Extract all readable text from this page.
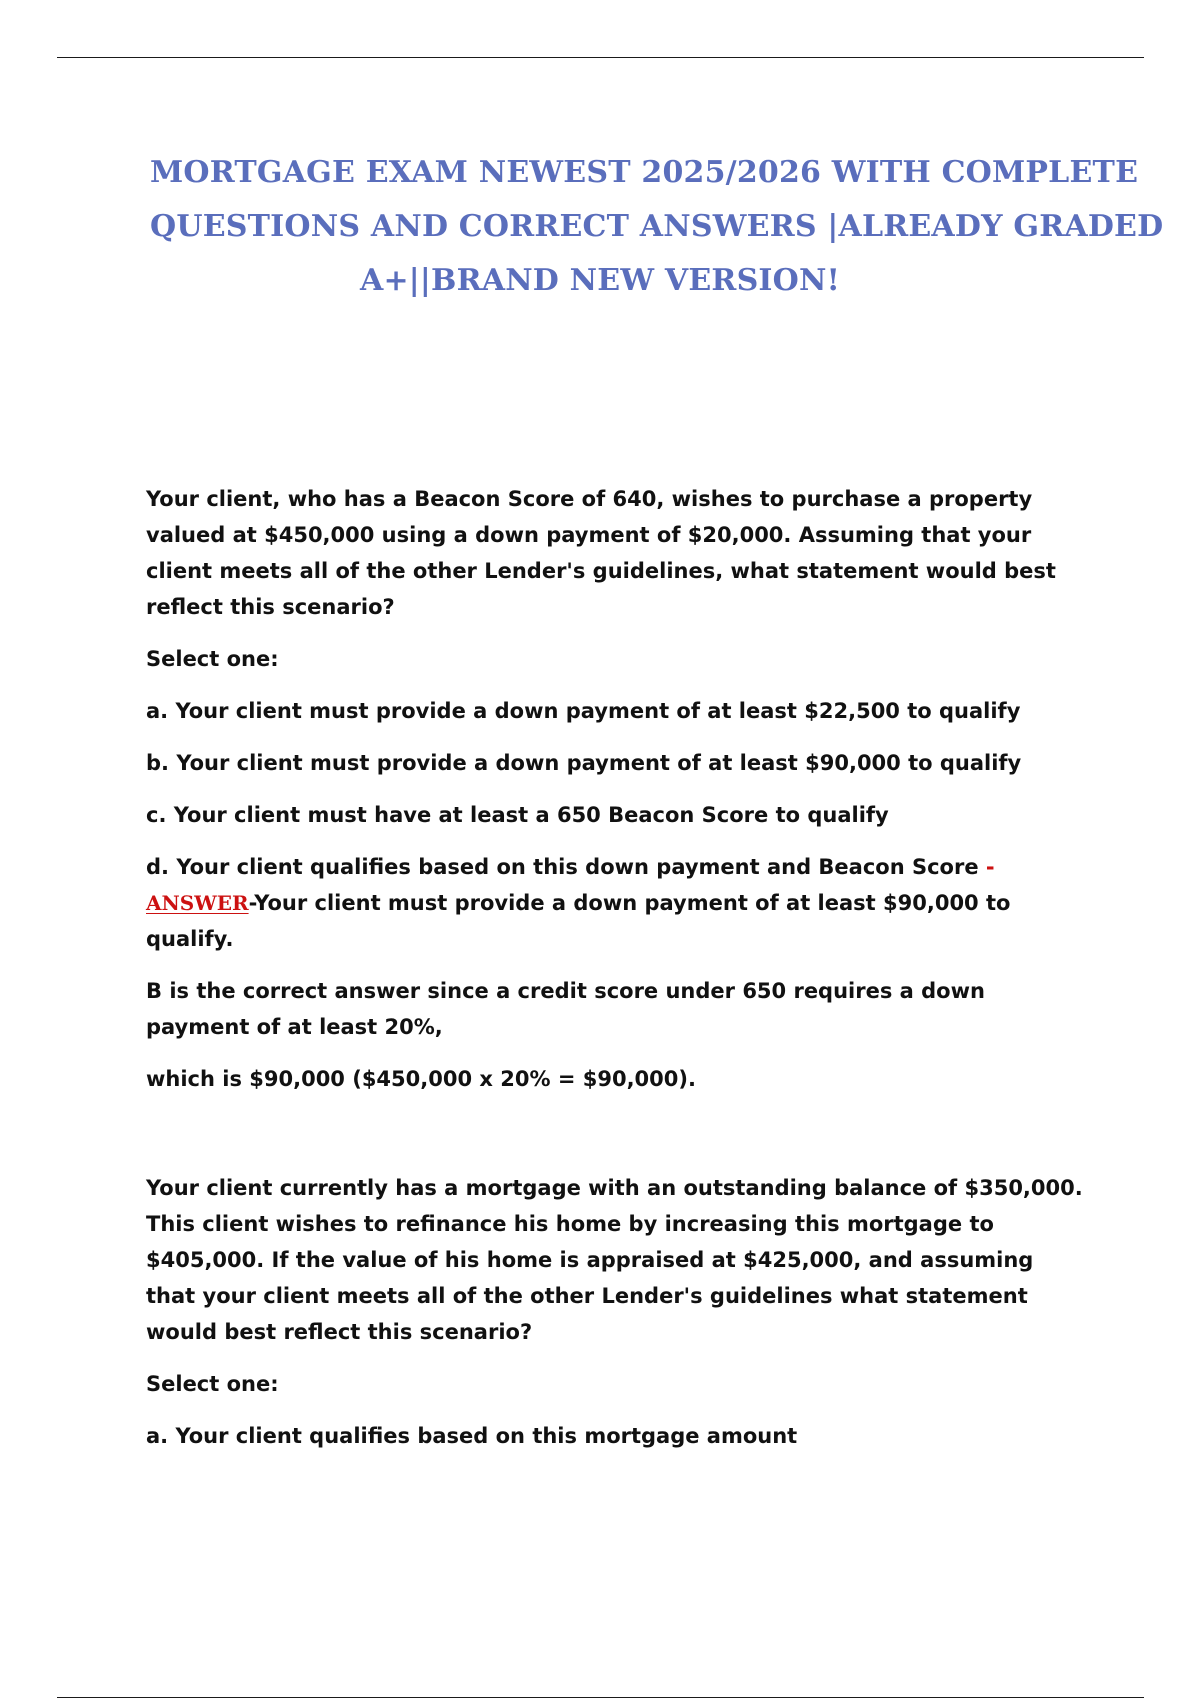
MORTGAGE EXAM NEWEST 2025/2026 WITH COMPLETE
QUESTIONS AND CORRECT ANSWERS |ALREADY GRADED
A+||BRAND NEW VERSION!

Your client, who has a Beacon Score of 640, wishes to purchase a property valued at $450,000 using a down payment of $20,000. Assuming that your client meets all of the other Lender's guidelines, what statement would best reflect this scenario?

Select one:

a. Your client must provide a down payment of at least $22,500 to qualify

b. Your client must provide a down payment of at least $90,000 to qualify

c. Your client must have at least a 650 Beacon Score to qualify

d. Your client qualifies based on this down payment and Beacon Score - ANSWER-Your client must provide a down payment of at least $90,000 to qualify.

B is the correct answer since a credit score under 650 requires a down payment of at least 20%,

which is $90,000 ($450,000 x 20% = $90,000).

Your client currently has a mortgage with an outstanding balance of $350,000. This client wishes to refinance his home by increasing this mortgage to $405,000. If the value of his home is appraised at $425,000, and assuming that your client meets all of the other Lender's guidelines what statement would best reflect this scenario?

Select one:

a. Your client qualifies based on this mortgage amount
